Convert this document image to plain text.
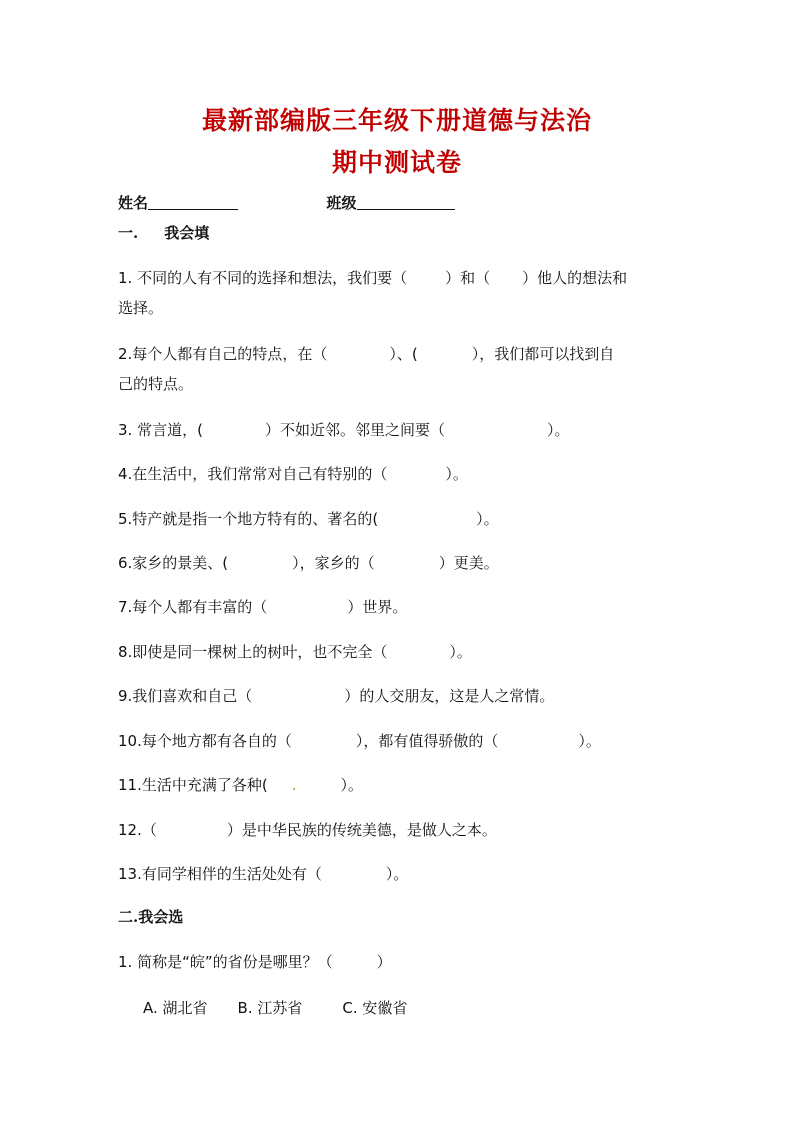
最新部编版三年级下册道德与法治
期中测试卷
姓名	班级
一. 我会填
1. 不同的人有不同的选择和想法，我们要（	）和（ ）他人的想法和
选择。
2.每个人都有自己的特点，在（	）、(	），我们都可以找到自
己的特点。
3. 常言道，(	）不如近邻。邻里之间要（	）。
4.在生活中，我们常常对自己有特别的（	）。
5.特产就是指一个地方特有的、著名的(	）。
6.家乡的景美、(	），家乡的（	）更美。
7.每个人都有丰富的（	）世界。
8.即使是同一棵树上的树叶，也不完全（	）。
9.我们喜欢和自己（	）的人交朋友，这是人之常情。
10.每个地方都有各自的（	），都有值得骄傲的（	）。
11.生活中充满了各种( .	）。
12.（	）是中华民族的传统美德，是做人之本。
13.有同学相伴的生活处处有（	）。
二.我会选
1. 简称是“皖”的省份是哪里？（	）
A. 湖北省 B. 江苏省	C. 安徽省
